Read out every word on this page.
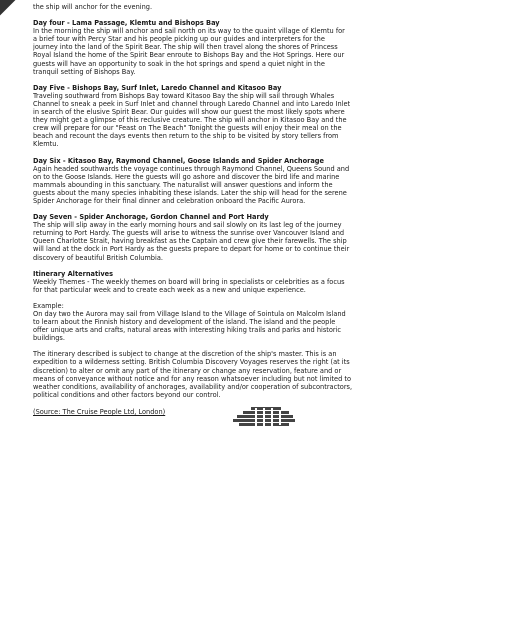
the ship will anchor for the evening.
Day four - Lama Passage, Klemtu and Bishops Bay
In the morning the ship will anchor and sail north on its way to the quaint village of Klemtu for
a brief tour with Percy Star and his people picking up our guides and interpreters for the
journey into the land of the Spirit Bear. The ship will then travel along the shores of Princess
Royal Island the home of the Spirit Bear enroute to Bishops Bay and the Hot Springs. Here our
guests will have an opportunity to soak in the hot springs and spend a quiet night in the
tranquil setting of Bishops Bay.
Day Five - Bishops Bay, Surf Inlet, Laredo Channel and Kitasoo Bay
Traveling southward from Bishops Bay toward Kitasoo Bay the ship will sail through Whales
Channel to sneak a peek in Surf Inlet and channel through Laredo Channel and into Laredo Inlet
in search of the elusive Spirit Bear. Our guides will show our guest the most likely spots where
they might get a glimpse of this reclusive creature. The ship will anchor in Kitasoo Bay and the
crew will prepare for our "Feast on The Beach" Tonight the guests will enjoy their meal on the
beach and recount the days events then return to the ship to be visited by story tellers from
Klemtu.
Day Six - Kitasoo Bay, Raymond Channel, Goose Islands and Spider Anchorage
Again headed southwards the voyage continues through Raymond Channel, Queens Sound and
on to the Goose Islands. Here the guests will go ashore and discover the bird life and marine
mammals abounding in this sanctuary. The naturalist will answer questions and inform the
guests about the many species inhabiting these islands. Later the ship will head for the serene
Spider Anchorage for their final dinner and celebration onboard the Pacific Aurora.
Day Seven - Spider Anchorage, Gordon Channel and Port Hardy
The ship will slip away in the early morning hours and sail slowly on its last leg of the journey
returning to Port Hardy. The guests will arise to witness the sunrise over Vancouver Island and
Queen Charlotte Strait, having breakfast as the Captain and crew give their farewells. The ship
will land at the dock in Port Hardy as the guests prepare to depart for home or to continue their
discovery of beautiful British Columbia.
Itinerary Alternatives
Weekly Themes - The weekly themes on board will bring in specialists or celebrities as a focus
for that particular week and to create each week as a new and unique experience.
Example:
On day two the Aurora may sail from Village Island to the Village of Sointula on Malcolm Island
to learn about the Finnish history and development of the island. The island and the people
offer unique arts and crafts, natural areas with interesting hiking trails and parks and historic
buildings.
The itinerary described is subject to change at the discretion of the ship's master. This is an
expedition to a wilderness setting. British Columbia Discovery Voyages reserves the right (at its
discretion) to alter or omit any part of the itinerary or change any reservation, feature and or
means of conveyance without notice and for any reason whatsoever including but not limited to
weather conditions, availability of anchorages, availability and/or cooperation of subcontractors,
political conditions and other factors beyond our control.
(Source: The Cruise People Ltd, London)
